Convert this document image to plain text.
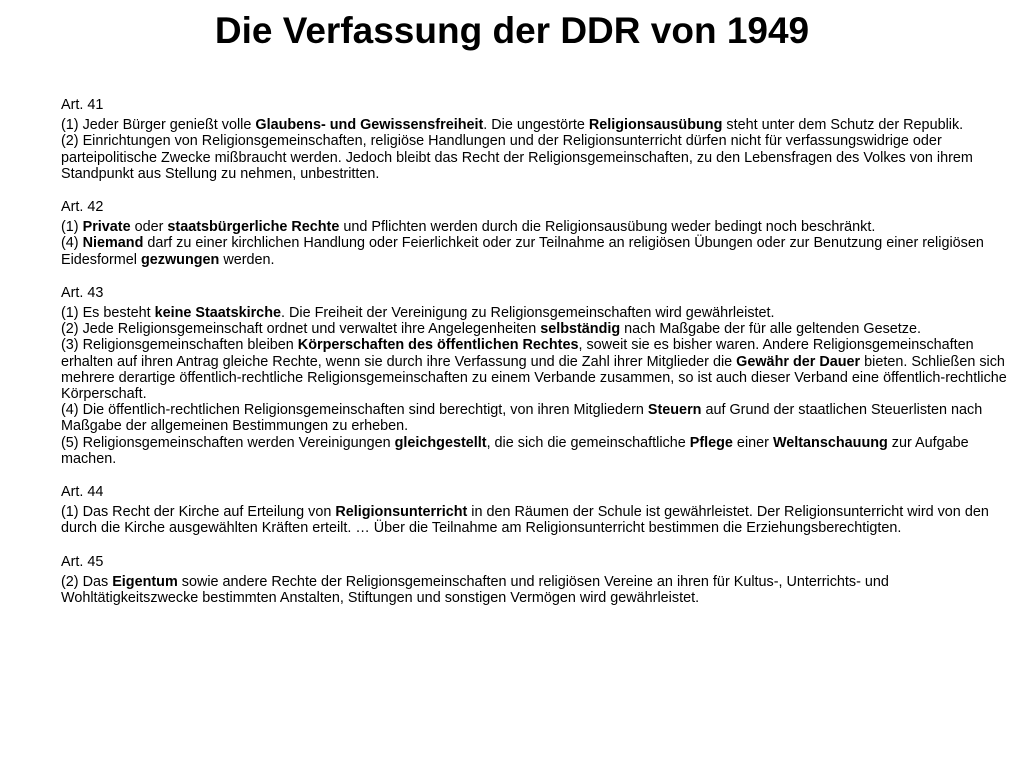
Die Verfassung der DDR von 1949
Art. 41
(1) Jeder Bürger genießt volle Glaubens- und Gewissensfreiheit. Die ungestörte Religionsausübung steht unter dem Schutz der Republik.
(2) Einrichtungen von Religionsgemeinschaften, religiöse Handlungen und der Religionsunterricht dürfen nicht für verfassungswidrige oder parteipolitische Zwecke mißbraucht werden. Jedoch bleibt das Recht der Religionsgemeinschaften, zu den Lebensfragen des Volkes von ihrem Standpunkt aus Stellung zu nehmen, unbestritten.
Art. 42
(1) Private oder staatsbürgerliche Rechte und Pflichten werden durch die Religionsausübung weder bedingt noch beschränkt.
(4) Niemand darf zu einer kirchlichen Handlung oder Feierlichkeit oder zur Teilnahme an religiösen Übungen oder zur Benutzung einer religiösen Eidesformel gezwungen werden.
Art. 43
(1) Es besteht keine Staatskirche. Die Freiheit der Vereinigung zu Religionsgemeinschaften wird gewährleistet.
(2) Jede Religionsgemeinschaft ordnet und verwaltet ihre Angelegenheiten selbständig nach Maßgabe der für alle geltenden Gesetze.
(3) Religionsgemeinschaften bleiben Körperschaften des öffentlichen Rechtes, soweit sie es bisher waren. Andere Religionsgemeinschaften erhalten auf ihren Antrag gleiche Rechte, wenn sie durch ihre Verfassung und die Zahl ihrer Mitglieder die Gewähr der Dauer bieten. Schließen sich mehrere derartige öffentlich-rechtliche Religionsgemeinschaften zu einem Verbande zusammen, so ist auch dieser Verband eine öffentlich-rechtliche Körperschaft.
(4) Die öffentlich-rechtlichen Religionsgemeinschaften sind berechtigt, von ihren Mitgliedern Steuern auf Grund der staatlichen Steuerlisten nach Maßgabe der allgemeinen Bestimmungen zu erheben.
(5) Religionsgemeinschaften werden Vereinigungen gleichgestellt, die sich die gemeinschaftliche Pflege einer Weltanschauung zur Aufgabe machen.
Art. 44
(1) Das Recht der Kirche auf Erteilung von Religionsunterricht in den Räumen der Schule ist gewährleistet. Der Religionsunterricht wird von den durch die Kirche ausgewählten Kräften erteilt. … Über die Teilnahme am Religionsunterricht bestimmen die Erziehungsberechtigten.
Art. 45
(2) Das Eigentum sowie andere Rechte der Religionsgemeinschaften und religiösen Vereine an ihren für Kultus-, Unterrichts- und Wohltätigkeitszwecke bestimmten Anstalten, Stiftungen und sonstigen Vermögen wird gewährleistet.
